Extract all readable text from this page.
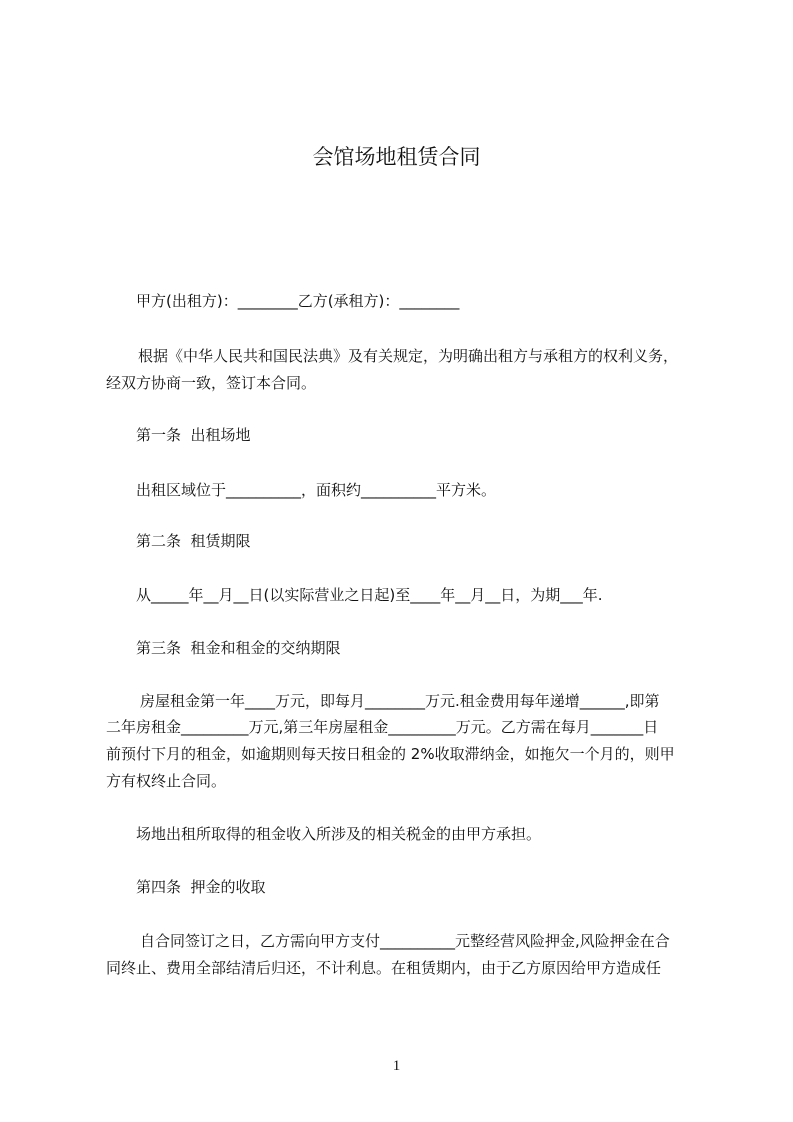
会馆场地租赁合同

甲方(出租方)：________乙方(承租方)：________

根据《中华人民共和国民法典》及有关规定，为明确出租方与承租方的权利义务，

经双方协商一致，签订本合同。

第一条  出租场地

出租区域位于__________，面积约__________平方米。

第二条  租赁期限

从_____年__月__日(以实际营业之日起)至____年__月__日，为期___年.

第三条  租金和租金的交纳期限

房屋租金第一年____万元，即每月________万元.租金费用每年递增______,即第

二年房租金_________万元,第三年房屋租金_________万元。乙方需在每月_______日

前预付下月的租金，如逾期则每天按日租金的 2%收取滞纳金，如拖欠一个月的，则甲

方有权终止合同。

场地出租所取得的租金收入所涉及的相关税金的由甲方承担。

第四条  押金的收取

自合同签订之日，乙方需向甲方支付__________元整经营风险押金,风险押金在合

同终止、费用全部结清后归还，不计利息。在租赁期内，由于乙方原因给甲方造成任

1
